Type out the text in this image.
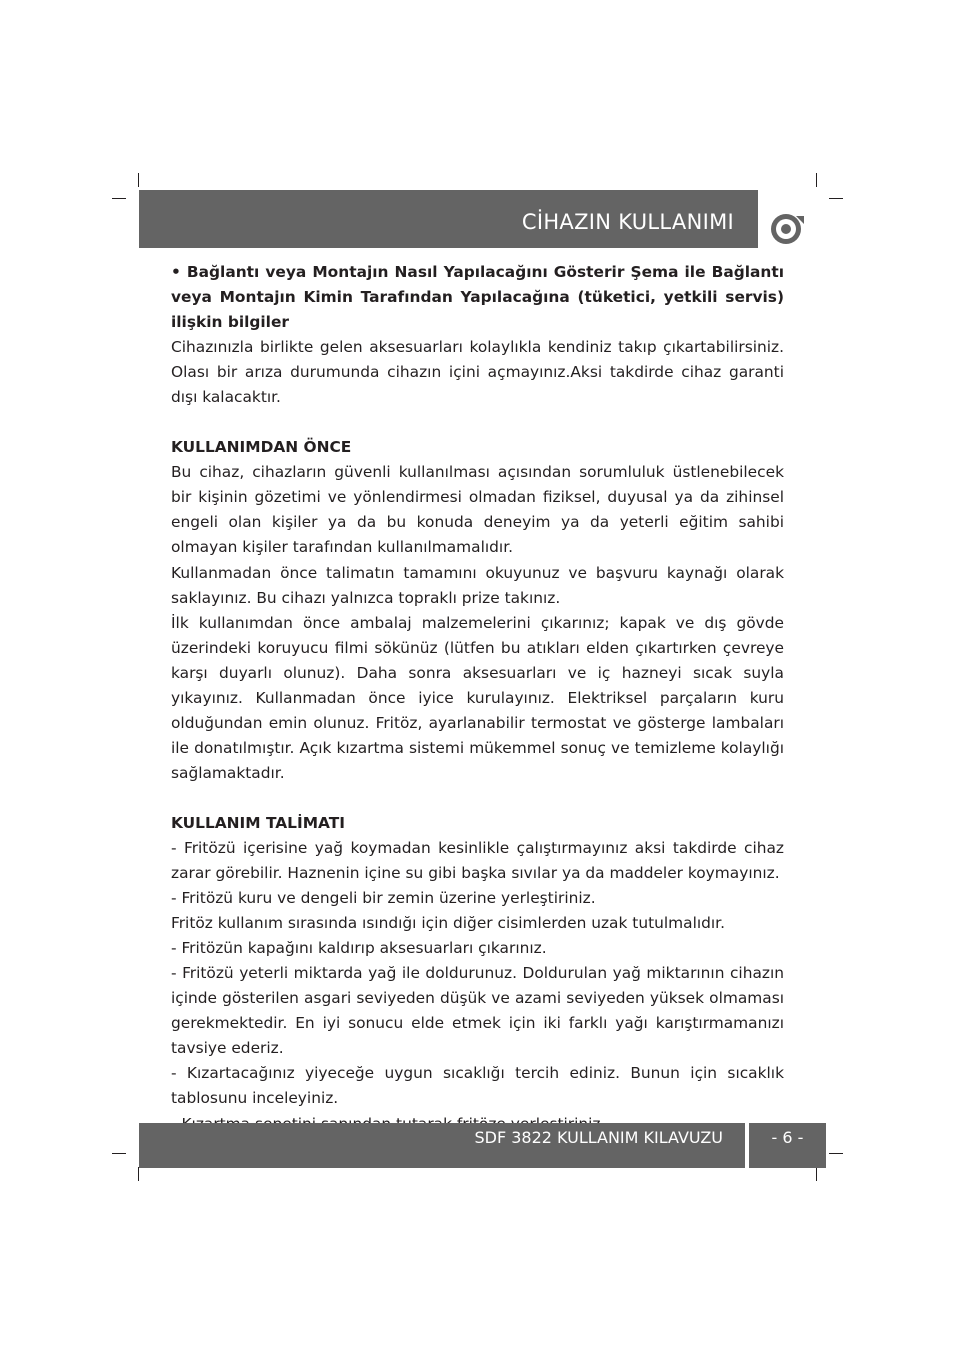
CİHAZIN KULLANIMI

• Bağlantı veya Montajın Nasıl Yapılacağını Gösterir Şema ile Bağlantı veya Montajın Kimin Tarafından Yapılacağına (tüketici, yetkili servis) ilişkin bilgiler

Cihazınızla birlikte gelen aksesuarları kolaylıkla kendiniz takıp çıkartabilirsiniz. Olası bir arıza durumunda cihazın içini açmayınız.Aksi takdirde cihaz garanti dışı kalacaktır.

KULLANIMDAN ÖNCE

Bu cihaz, cihazların güvenli kullanılması açısından sorumluluk üstlenebilecek bir kişinin gözetimi ve yönlendirmesi olmadan fiziksel, duyusal ya da zihinsel engeli olan kişiler ya da bu konuda deneyim ya da yeterli eğitim sahibi olmayan kişiler tarafından kullanılmamalıdır.

Kullanmadan önce talimatın tamamını okuyunuz ve başvuru kaynağı olarak saklayınız. Bu cihazı yalnızca topraklı prize takınız.

İlk kullanımdan önce ambalaj malzemelerini çıkarınız; kapak ve dış gövde üzerindeki koruyucu filmi sökünüz (lütfen bu atıkları elden çıkartırken çevreye karşı duyarlı olunuz). Daha sonra aksesuarları ve iç hazneyi sıcak suyla yıkayınız. Kullanmadan önce iyice kurulayınız. Elektriksel parçaların kuru olduğundan emin olunuz. Fritöz, ayarlanabilir termostat ve gösterge lambaları ile donatılmıştır. Açık kızartma sistemi mükemmel sonuç ve temizleme kolaylığı sağlamaktadır.

KULLANIM TALİMATI

- Fritözü içerisine yağ koymadan kesinlikle çalıştırmayınız aksi takdirde cihaz zarar görebilir. Haznenin içine su gibi başka sıvılar ya da maddeler koymayınız.

- Fritözü kuru ve dengeli bir zemin üzerine yerleştiriniz.

Fritöz kullanım sırasında ısındığı için diğer cisimlerden uzak tutulmalıdır.

- Fritözün kapağını kaldırıp aksesuarları çıkarınız.

- Fritözü yeterli miktarda yağ ile doldurunuz. Doldurulan yağ miktarının cihazın içinde gösterilen asgari seviyeden düşük ve azami seviyeden yüksek olmaması gerekmektedir. En iyi sonucu elde etmek için iki farklı yağı karıştırmamanızı tavsiye ederiz.

- Kızartacağınız yiyeceğe uygun sıcaklığı tercih ediniz. Bunun için sıcaklık tablosunu inceleyiniz.

SDF 3822 KULLANIM KILAVUZU	- 6 -
